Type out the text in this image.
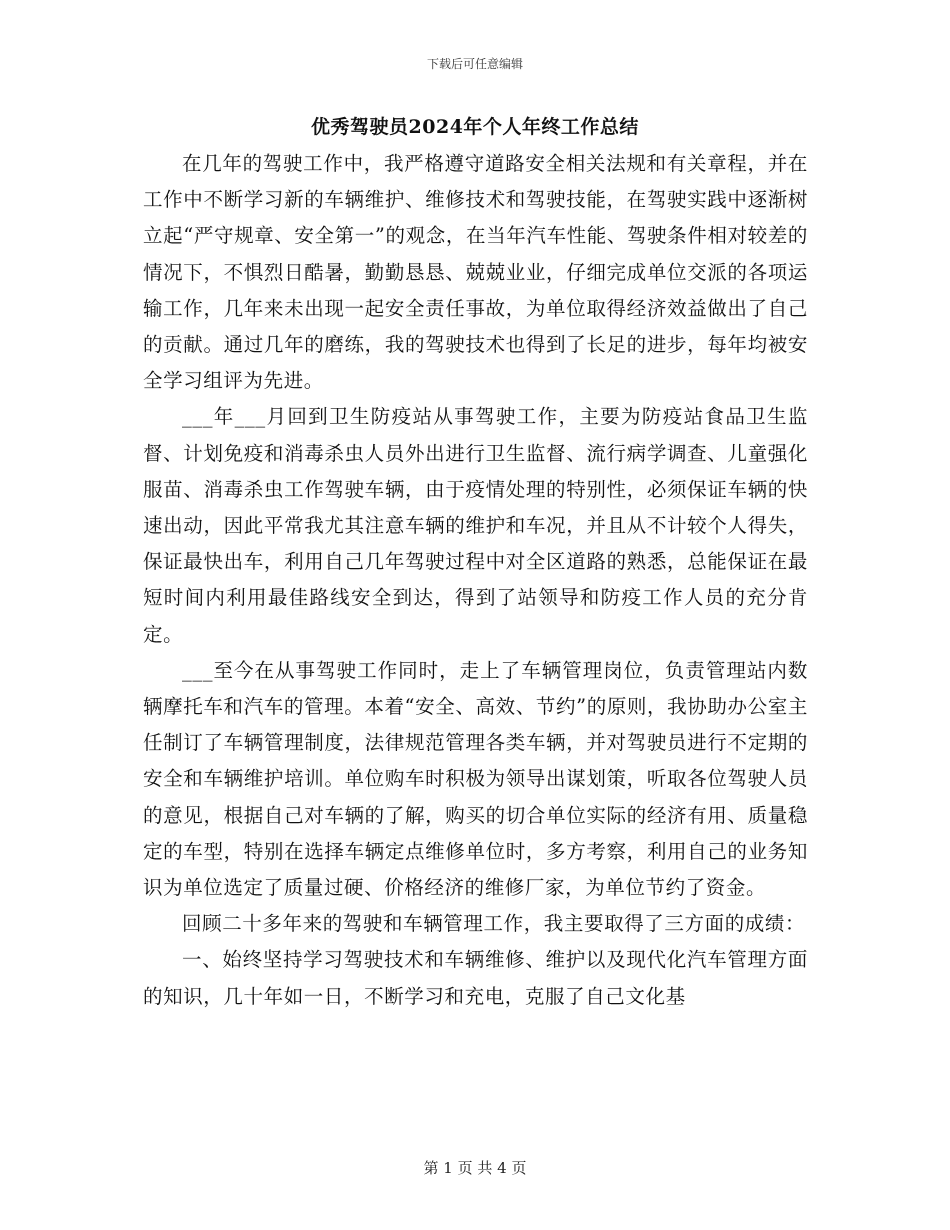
下载后可任意编辑
优秀驾驶员2024年个人年终工作总结

在几年的驾驶工作中，我严格遵守道路安全相关法规和有关章程，并在工作中不断学习新的车辆维护、维修技术和驾驶技能，在驾驶实践中逐渐树立起“严守规章、安全第一”的观念，在当年汽车性能、驾驶条件相对较差的情况下，不惧烈日酷暑，勤勤恳恳、兢兢业业，仔细完成单位交派的各项运输工作，几年来未出现一起安全责任事故，为单位取得经济效益做出了自己的贡献。通过几年的磨练，我的驾驶技术也得到了长足的进步，每年均被安全学习组评为先进。

___年___月回到卫生防疫站从事驾驶工作，主要为防疫站食品卫生监督、计划免疫和消毒杀虫人员外出进行卫生监督、流行病学调查、儿童强化服苗、消毒杀虫工作驾驶车辆，由于疫情处理的特别性，必须保证车辆的快速出动，因此平常我尤其注意车辆的维护和车况，并且从不计较个人得失，保证最快出车，利用自己几年驾驶过程中对全区道路的熟悉，总能保证在最短时间内利用最佳路线安全到达，得到了站领导和防疫工作人员的充分肯定。

___至今在从事驾驶工作同时，走上了车辆管理岗位，负责管理站内数辆摩托车和汽车的管理。本着“安全、高效、节约”的原则，我协助办公室主任制订了车辆管理制度，法律规范管理各类车辆，并对驾驶员进行不定期的安全和车辆维护培训。单位购车时积极为领导出谋划策，听取各位驾驶人员的意见，根据自己对车辆的了解，购买的切合单位实际的经济有用、质量稳定的车型，特别在选择车辆定点维修单位时，多方考察，利用自己的业务知识为单位选定了质量过硬、价格经济的维修厂家，为单位节约了资金。

回顾二十多年来的驾驶和车辆管理工作，我主要取得了三方面的成绩：

一、始终坚持学习驾驶技术和车辆维修、维护以及现代化汽车管理方面的知识，几十年如一日，不断学习和充电，克服了自己文化基

第 1 页 共 4 页
